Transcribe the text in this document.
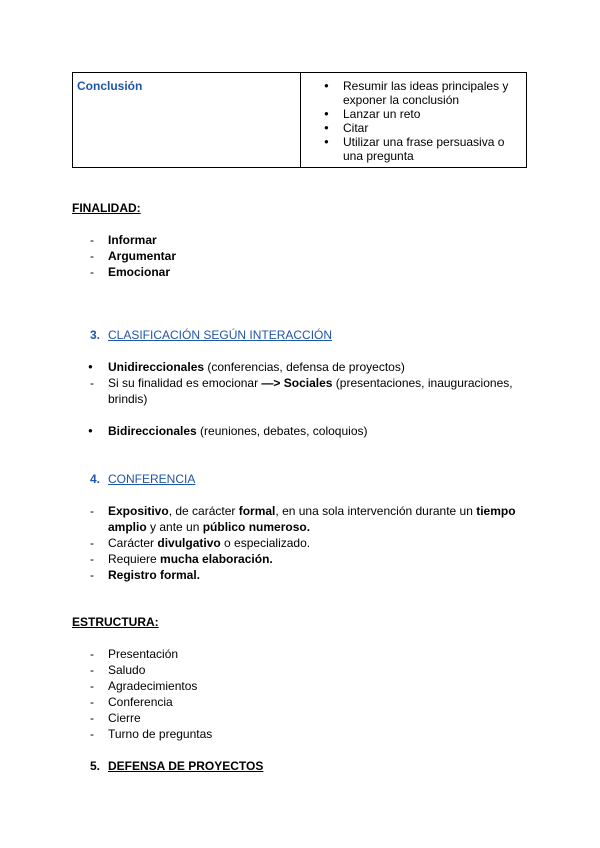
Conclusión

●Resumir las ideas principales y exponer la conclusión
● Lanzar un reto
● Citar
● Utilizar una frase persuasiva o una pregunta
FINALIDAD:
- Informar
- Argumentar
- Emocionar
3. CLASIFICACIÓN SEGÚN INTERACCIÓN
● Unidireccionales (conferencias, defensa de proyectos)
- Si su finalidad es emocionar —> Sociales (presentaciones, inauguraciones, brindis)
● Bidireccionales (reuniones, debates, coloquios)
4. CONFERENCIA
- Expositivo, de carácter formal, en una sola intervención durante un tiempo amplio y ante un público numeroso.
- Carácter divulgativo o especializado.
- Requiere mucha elaboración.
- Registro formal.
ESTRUCTURA:
- Presentación
- Saludo
- Agradecimientos
- Conferencia
- Cierre
- Turno de preguntas
5. DEFENSA DE PROYECTOS
